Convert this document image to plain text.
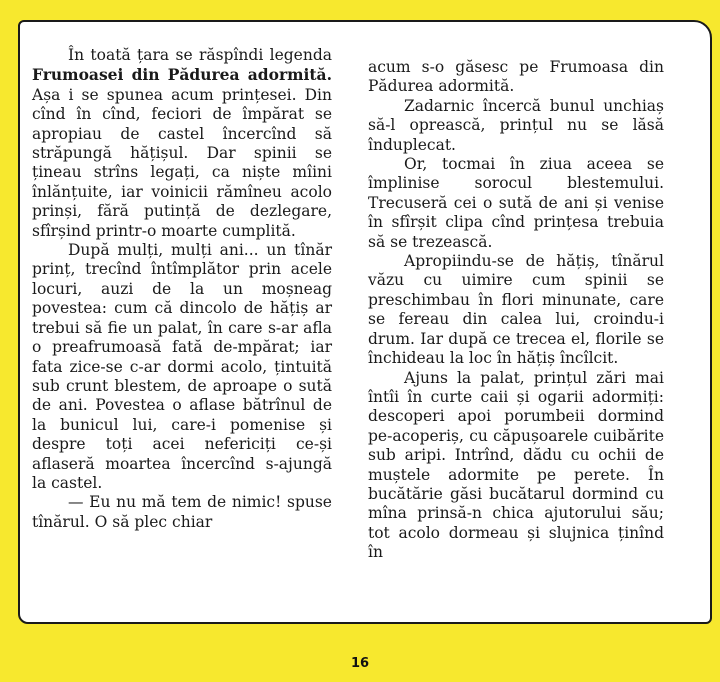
În toată țara se răspîndi legenda Frumoasei din Pădurea adormită. Așa i se spunea acum prințesei. Din cînd în cînd, feciori de împărat se apropiau de castel încercînd să străpungă hățișul. Dar spinii se țineau strîns legați, ca niște mîini înlănțuite, iar voinicii rămîneu acolo prinși, fără putință de dezlegare, sfîrșind printr-o moarte cumplită.

După mulți, mulți ani... un tînăr prinț, trecînd întîmplător prin acele locuri, auzi de la un moșneag povestea: cum că dincolo de hățiș ar trebui să fie un palat, în care s-ar afla o preafrumoasă fată de-mpărat; iar fata zice-se c-ar dormi acolo, țintuită sub crunt blestem, de aproape o sută de ani. Povestea o aflase bătrînul de la bunicul lui, care-i pomenise și despre toți acei nefericiți ce-și aflaseră moartea încercînd s-ajungă la castel.

— Eu nu mă tem de nimic! spuse tînărul. O să plec chiar

acum s-o găsesc pe Frumoasa din Pădurea adormită.

Zadarnic încercă bunul unchiaș să-l oprească, prințul nu se lăsă înduplecat.

Or, tocmai în ziua aceea se împlinise sorocul blestemului. Trecuseră cei o sută de ani și venise în sfîrșit clipa cînd prințesa trebuia să se trezească.

Apropiindu-se de hățiș, tînărul văzu cu uimire cum spinii se preschimbau în flori minunate, care se fereau din calea lui, croindu-i drum. Iar după ce trecea el, florile se închideau la loc în hățiș încîlcit.

Ajuns la palat, prințul zări mai întîi în curte caii și ogarii adormiți: descoperi apoi porumbeii dormind pe-acoperiș, cu căpușoarele cuibărite sub aripi. Intrînd, dădu cu ochii de muștele adormite pe perete. În bucătărie găsi bucătarul dormind cu mîna prinsă-n chica ajutorului său; tot acolo dormeau și slujnica ținînd în

16
